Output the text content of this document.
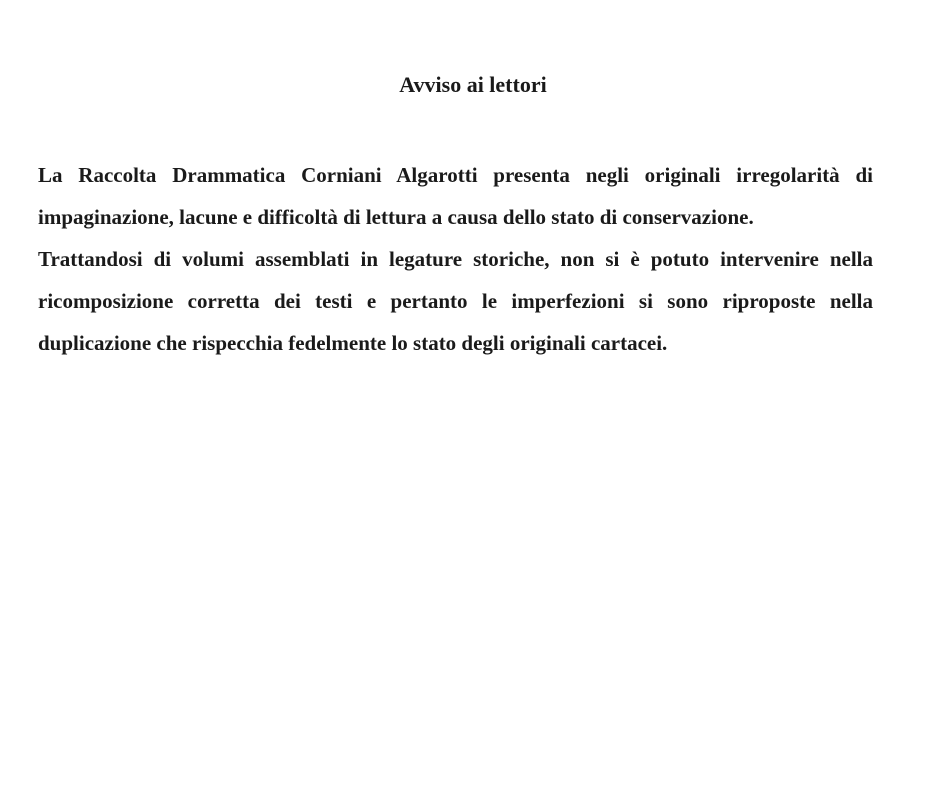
Avviso ai lettori

La Raccolta Drammatica Corniani Algarotti presenta negli originali irregolarità di impaginazione, lacune e difficoltà di lettura a causa dello stato di conservazione.

Trattandosi di volumi assemblati in legature storiche, non si è potuto intervenire nella ricomposizione corretta dei testi e pertanto le imperfezioni si sono riproposte nella duplicazione che rispecchia fedelmente lo stato degli originali cartacei.
